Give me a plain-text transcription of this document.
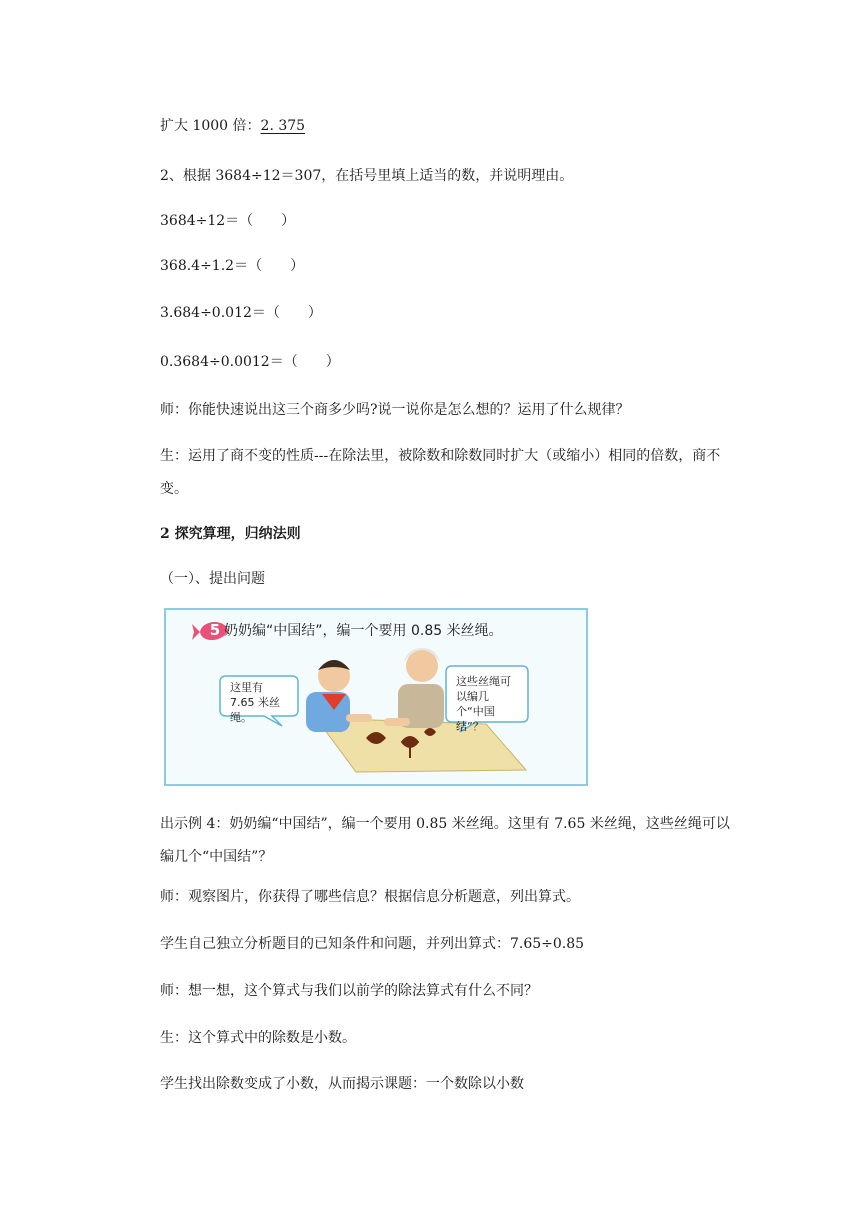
扩大 1000 倍：2. 375
2、根据 3684÷12＝307，在括号里填上适当的数，并说明理由。
3684÷12＝（　　）
368.4÷1.2＝（　　）
3.684÷0.012＝（　　）
0.3684÷0.0012＝（　　）
师：你能快速说出这三个商多少吗?说一说你是怎么想的？运用了什么规律？
生：运用了商不变的性质---在除法里，被除数和除数同时扩大（或缩小）相同的倍数，商不变。
2 探究算理，归纳法则
（一）、提出问题
5 奶奶编“中国结”，编一个要用 0.85 米丝绳。
这里有 7.65 米丝绳。
这些丝绳可以编几个“中国结”？
出示例 4：奶奶编“中国结”，编一个要用 0.85 米丝绳。这里有 7.65 米丝绳，这些丝绳可以编几个“中国结”？
师：观察图片，你获得了哪些信息？根据信息分析题意，列出算式。
学生自己独立分析题目的已知条件和问题，并列出算式：7.65÷0.85
师：想一想，这个算式与我们以前学的除法算式有什么不同？
生：这个算式中的除数是小数。
学生找出除数变成了小数，从而揭示课题：一个数除以小数
